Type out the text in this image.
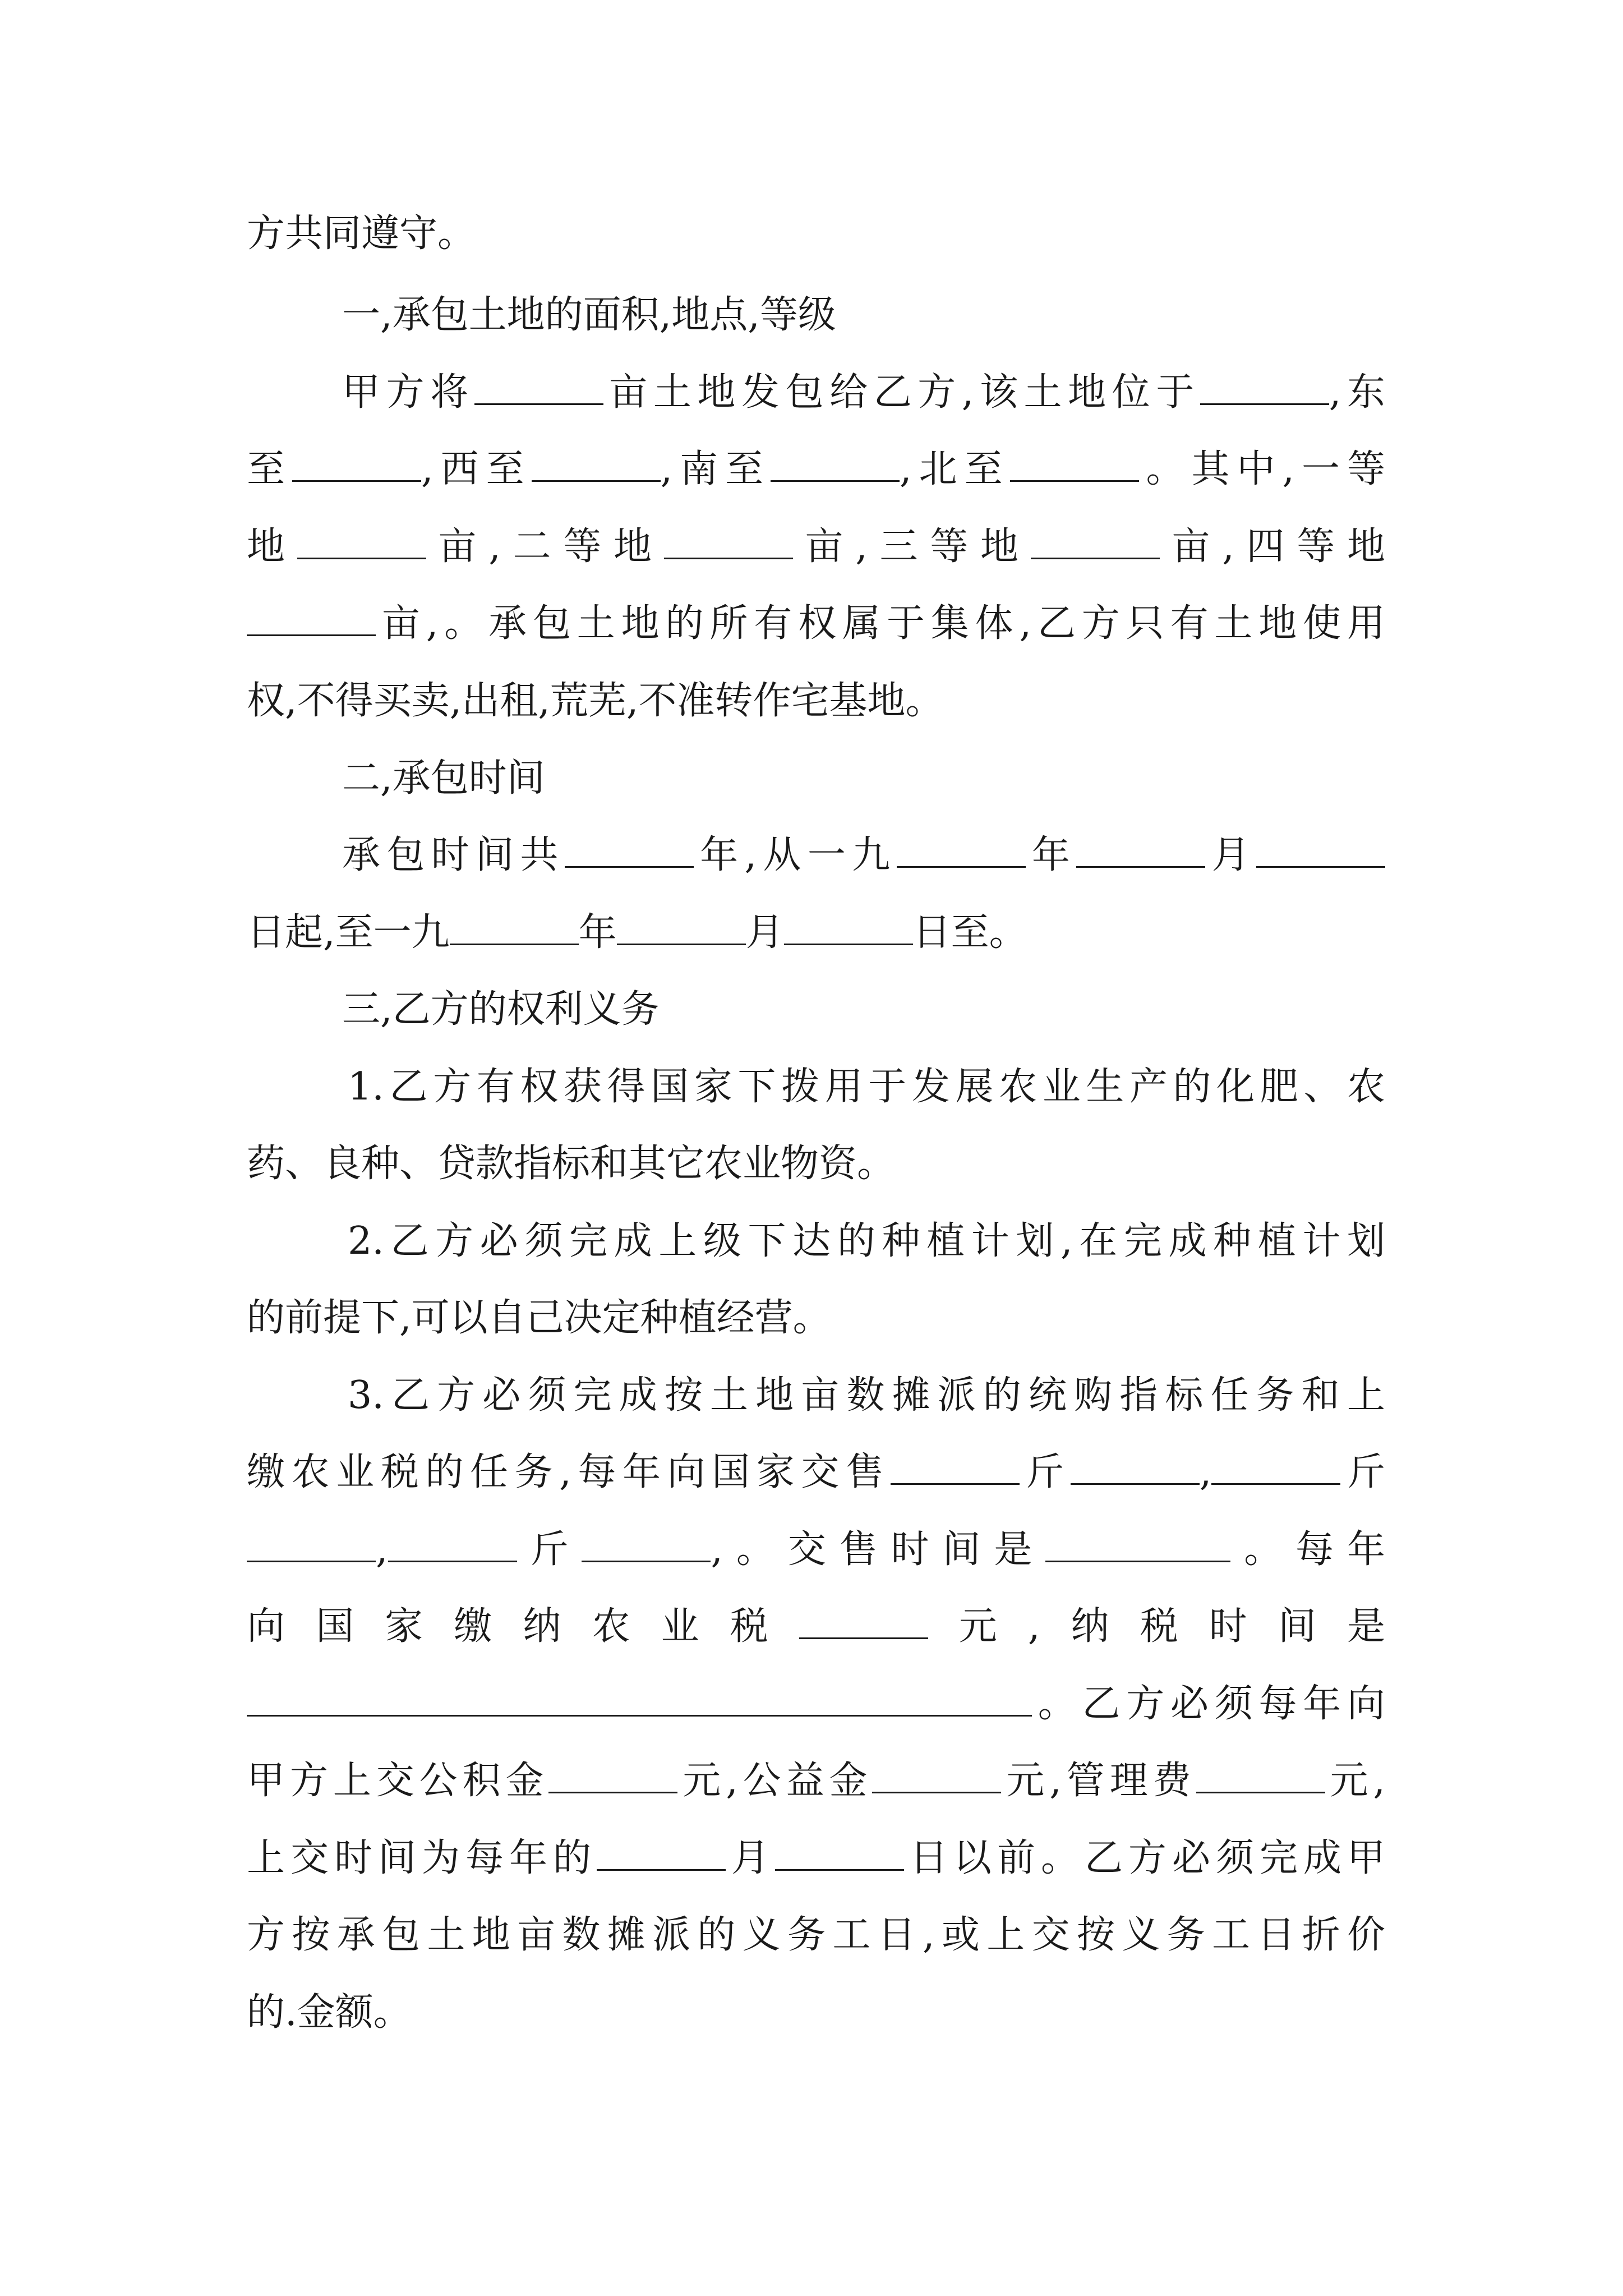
方共同遵守。
一,承包土地的面积,地点,等级
甲方将	亩土地发包给乙方,该土地位于	,东
至	,西至	,南至	,北至	。其中,一等
地	亩,二等地	亩,三等地	亩,四等地
亩,。承包土地的所有权属于集体,乙方只有土地使用
权,不得买卖,出租,荒芜,不准转作宅基地。
二,承包时间
承包时间共	年,从一九	年	月
日起,至一九	年	月	日至。
三,乙方的权利义务
1.乙方有权获得国家下拨用于发展农业生产的化肥、农
药、良种、贷款指标和其它农业物资。
2.乙方必须完成上级下达的种植计划,在完成种植计划
的前提下,可以自己决定种植经营。
3.乙方必须完成按土地亩数摊派的统购指标任务和上
缴农业税的任务,每年向国家交售	斤	,	斤
,	斤	,。交售时间是	。每年
向国家缴纳农业税	元,纳税时间是
。乙方必须每年向
甲方上交公积金	元,公益金	元,管理费	元,
上交时间为每年的	月	日以前。乙方必须完成甲
方按承包土地亩数摊派的义务工日,或上交按义务工日折价
的.金额。
